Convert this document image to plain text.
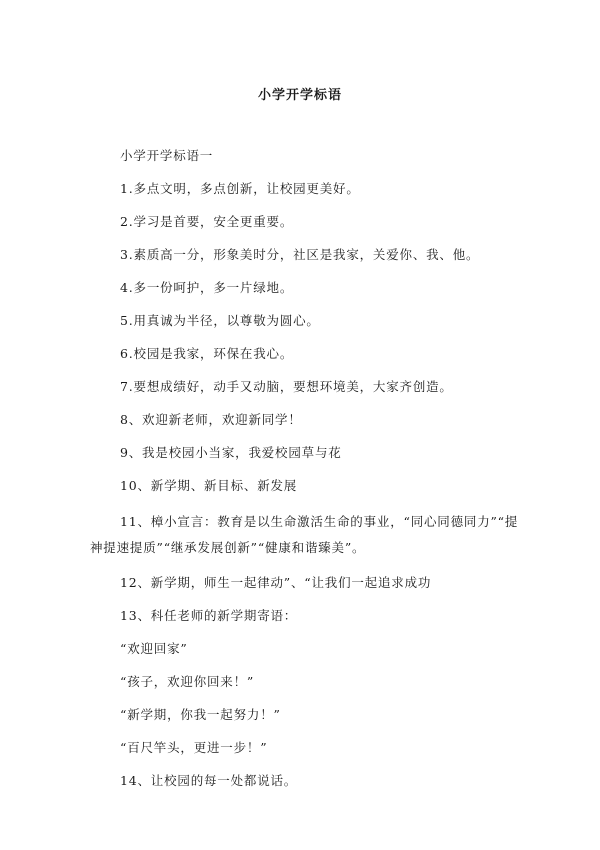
小学开学标语

小学开学标语一

1.多点文明，多点创新，让校园更美好。

2.学习是首要，安全更重要。

3.素质高一分，形象美时分，社区是我家，关爱你、我、他。

4.多一份呵护，多一片绿地。

5.用真诚为半径，以尊敬为圆心。

6.校园是我家，环保在我心。

7.要想成绩好，动手又动脑，要想环境美，大家齐创造。

8、欢迎新老师，欢迎新同学！

9、我是校园小当家，我爱校园草与花

10、新学期、新目标、新发展

11、樟小宣言：教育是以生命激活生命的事业，“同心同德同力”“提
神提速提质”“继承发展创新”“健康和谐臻美”。

12、新学期，师生一起律动”、“让我们一起追求成功

13、科任老师的新学期寄语：

“欢迎回家”

“孩子，欢迎你回来！”

“新学期，你我一起努力！”

“百尺竿头，更进一步！”

14、让校园的每一处都说话。
